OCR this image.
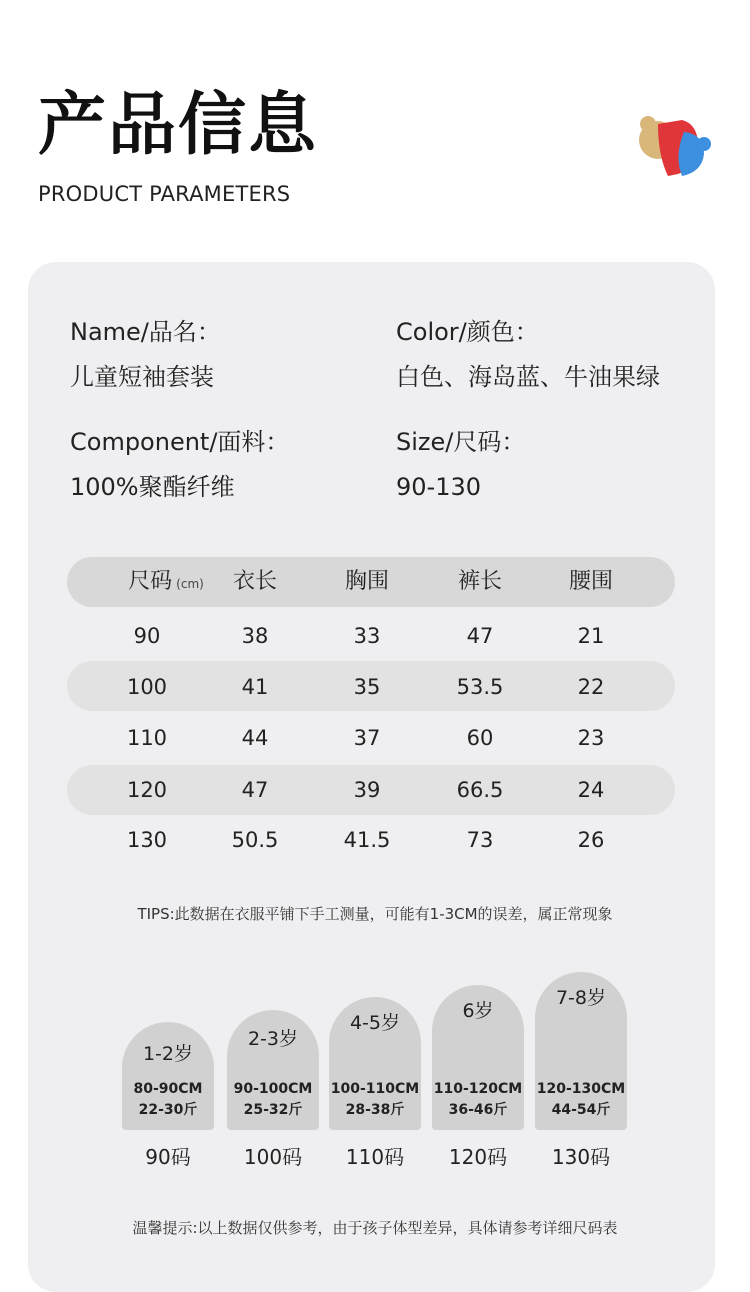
产品信息
PRODUCT PARAMETERS
Name/品名：
儿童短袖套装
Color/颜色：
白色、海岛蓝、牛油果绿
Component/面料：
100%聚酯纤维
Size/尺码：
90-130
尺码 (cm)	衣长	胸围	裤长	腰围
90	38	33	47	21
100	41	35	53.5	22
110	44	37	60	23
120	47	39	66.5	24
130	50.5	41.5	73	26
TIPS:此数据在衣服平铺下手工测量，可能有1-3CM的误差，属正常现象
1-2岁
80-90CM
22-30斤
90码
2-3岁
90-100CM
25-32斤
100码
4-5岁
100-110CM
28-38斤
110码
6岁
110-120CM
36-46斤
120码
7-8岁
120-130CM
44-54斤
130码
温馨提示:以上数据仅供参考，由于孩子体型差异，具体请参考详细尺码表
